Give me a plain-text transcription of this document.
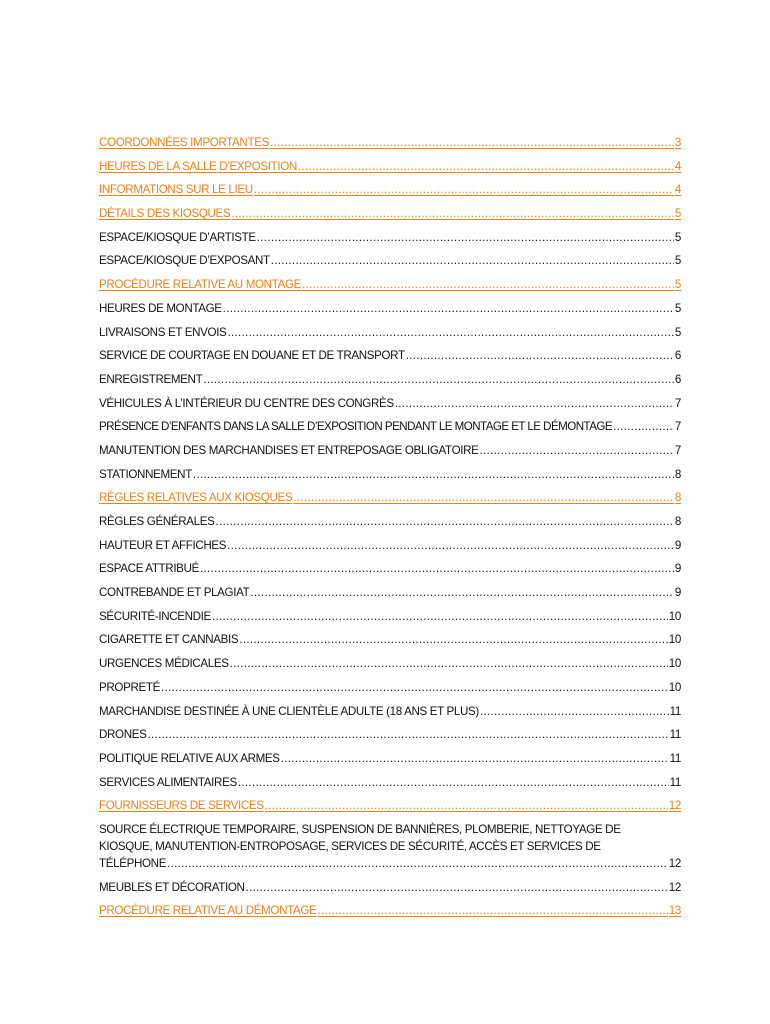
COORDONNÉES IMPORTANTES .....	3
HEURES DE LA SALLE D’EXPOSITION .....	4
INFORMATIONS SUR LE LIEU .....	4
DÉTAILS DES KIOSQUES .....	5
ESPACE/KIOSQUE D’ARTISTE .....	5
ESPACE/KIOSQUE D’EXPOSANT .....	5
PROCÉDURE RELATIVE AU MONTAGE .....	5
HEURES DE MONTAGE .....	5
LIVRAISONS ET ENVOIS .....	5
SERVICE DE COURTAGE EN DOUANE ET DE TRANSPORT .....	6
ENREGISTREMENT .....	6
VÉHICULES À L’INTÉRIEUR DU CENTRE DES CONGRÈS .....	7
PRÉSENCE D’ENFANTS DANS LA SALLE D’EXPOSITION PENDANT LE MONTAGE ET LE DÉMONTAGE .....	7
MANUTENTION DES MARCHANDISES ET ENTREPOSAGE OBLIGATOIRE .....	7
STATIONNEMENT .....	8
RÈGLES RELATIVES AUX KIOSQUES .....	8
RÈGLES GÉNÉRALES .....	8
HAUTEUR ET AFFICHES .....	9
ESPACE ATTRIBUÉ .....	9
CONTREBANDE ET PLAGIAT .....	9
SÉCURITÉ-INCENDIE .....	10
CIGARETTE ET CANNABIS .....	10
URGENCES MÉDICALES .....	10
PROPRETÉ .....	10
MARCHANDISE DESTINÉE À UNE CLIENTÈLE ADULTE (18 ANS ET PLUS) .....	11
DRONES .....	11
POLITIQUE RELATIVE AUX ARMES .....	11
SERVICES ALIMENTAIRES .....	11
FOURNISSEURS DE SERVICES .....	12
SOURCE ÉLECTRIQUE TEMPORAIRE, SUSPENSION DE BANNIÈRES, PLOMBERIE, NETTOYAGE DE
KIOSQUE, MANUTENTION-ENTROPOSAGE, SERVICES DE SÉCURITÉ, ACCÈS ET SERVICES DE
TÉLÉPHONE .....	12
MEUBLES ET DÉCORATION .....	12
PROCÉDURE RELATIVE AU DÉMONTAGE .....	13
